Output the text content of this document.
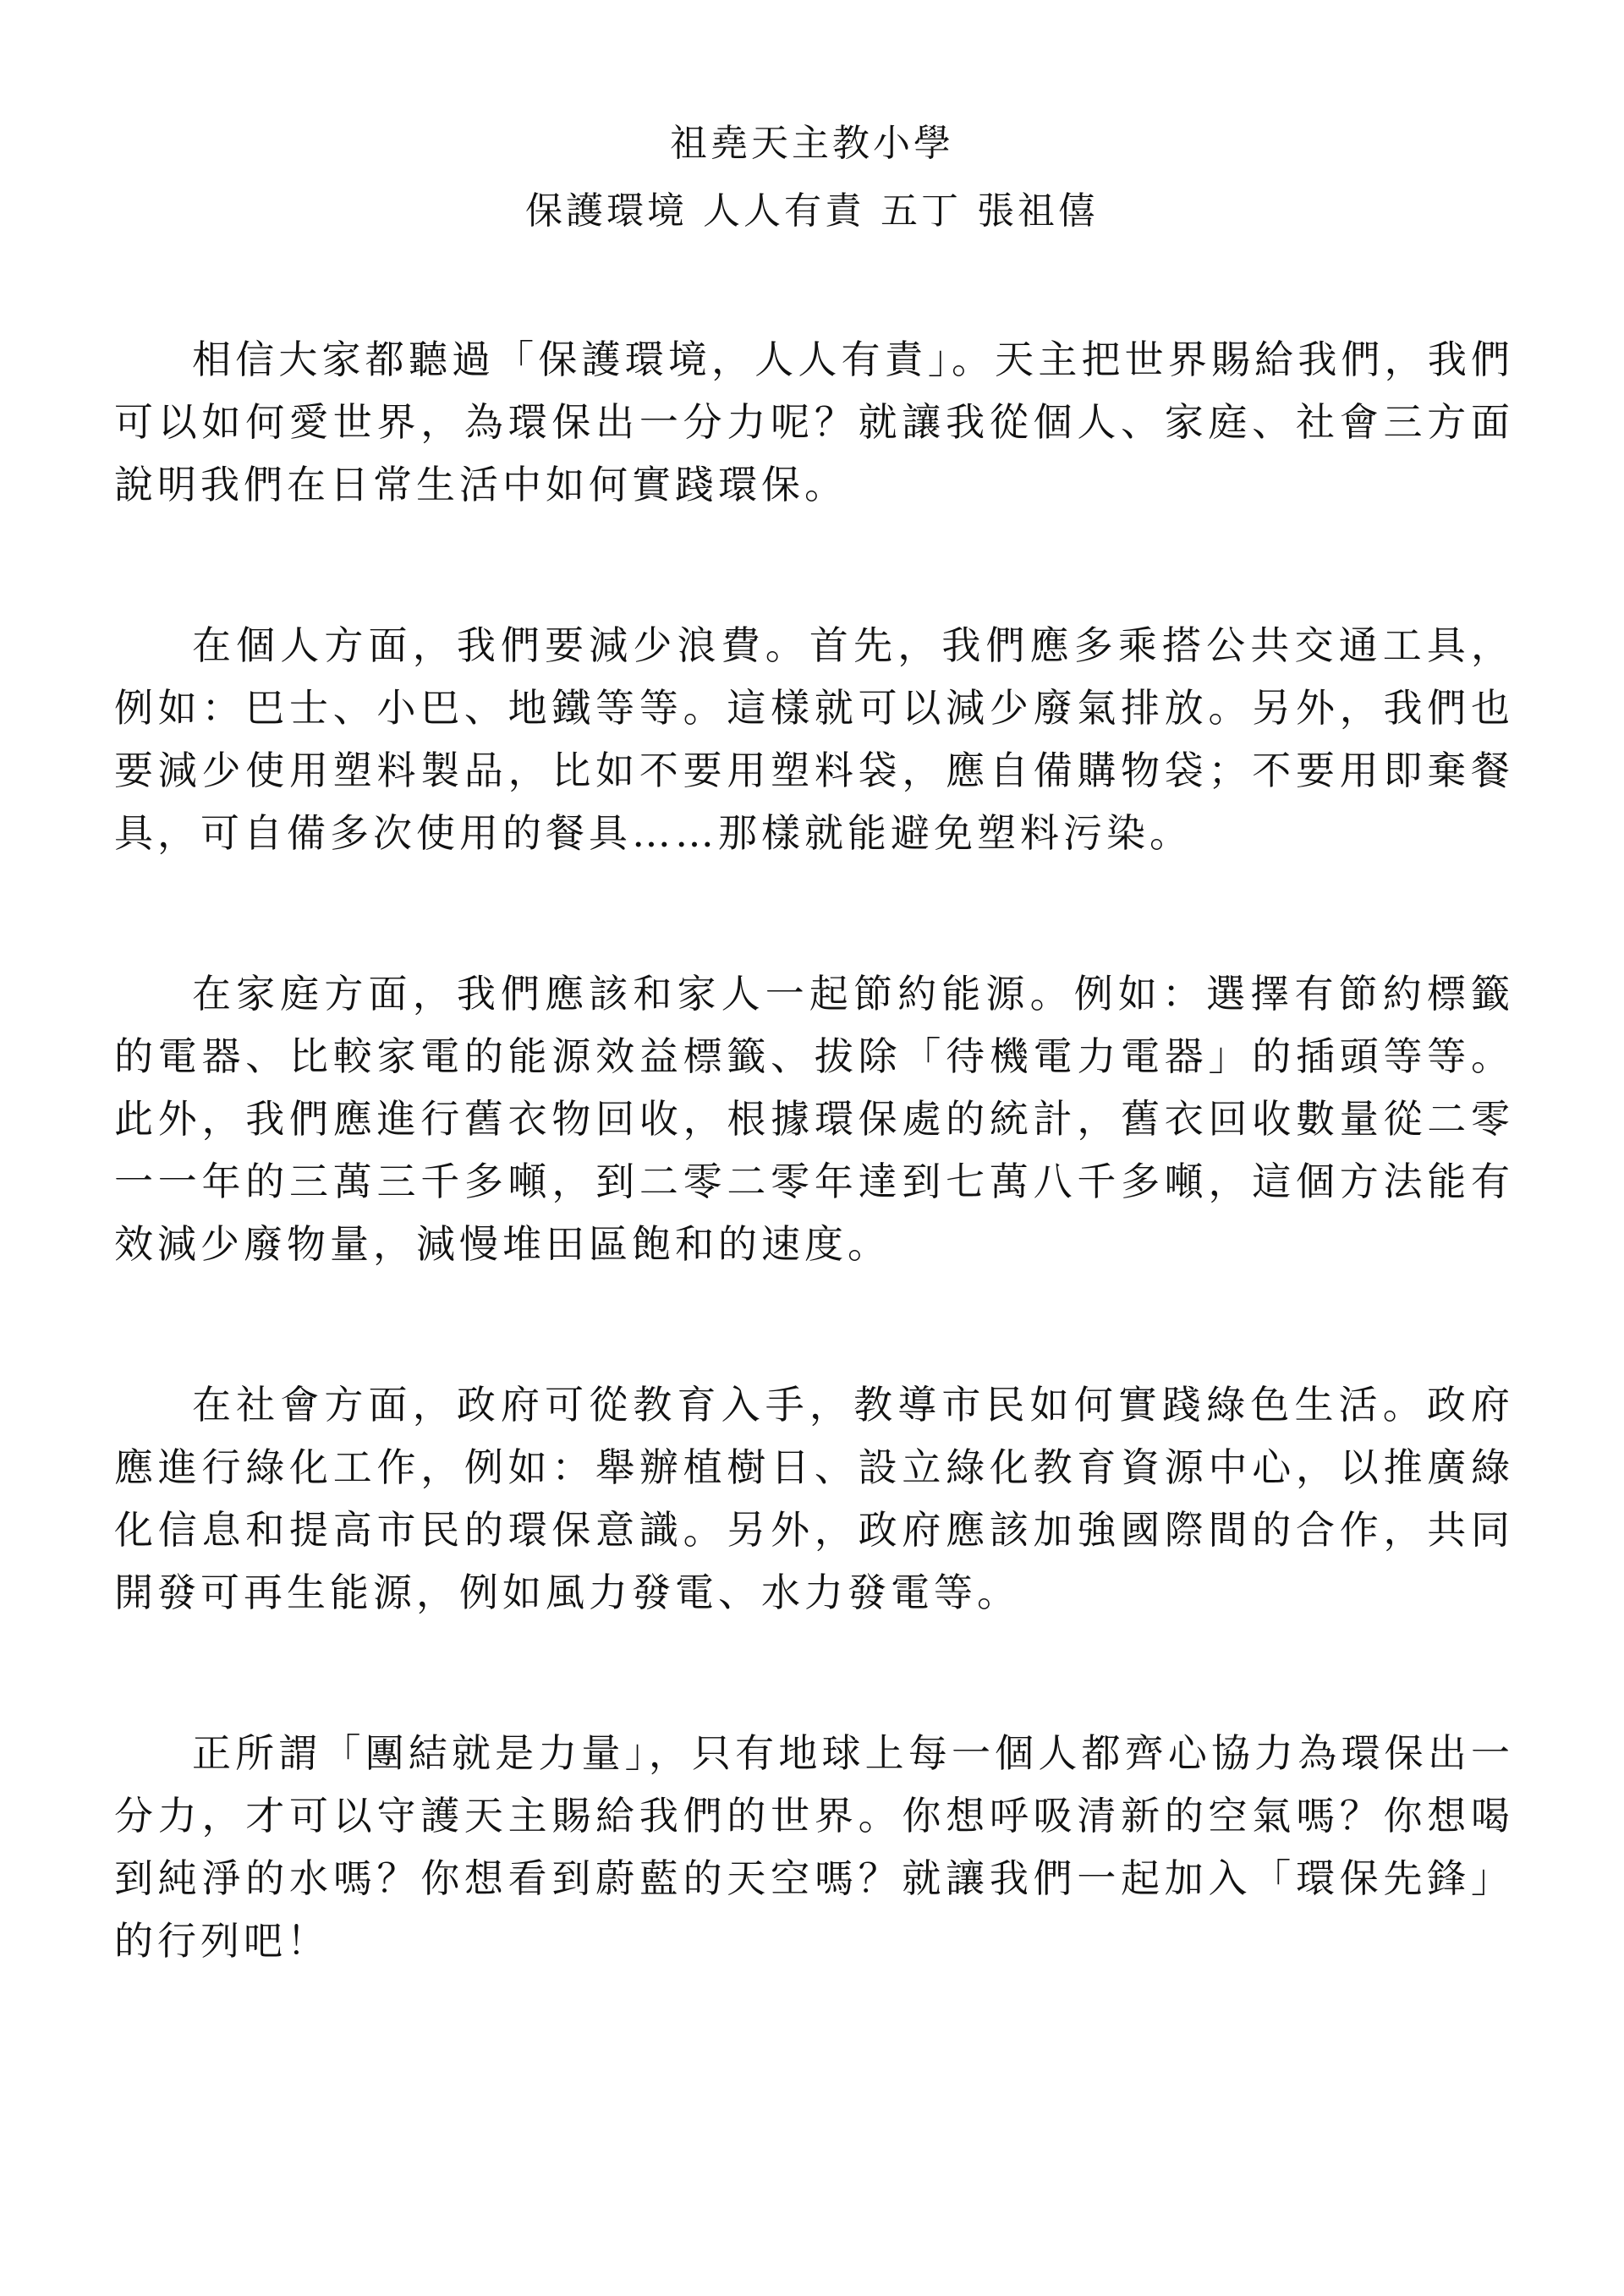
祖堯天主教小學
保護環境 人人有責 五丁 張祖僖

相信大家都聽過「保護環境，人人有責」。天主把世界賜給我們，我們可以如何愛世界，為環保出一分力呢？就讓我從個人、家庭、社會三方面說明我們在日常生活中如何實踐環保。

在個人方面，我們要減少浪費。首先，我們應多乘搭公共交通工具，例如：巴士、小巴、地鐵等等。這樣就可以減少廢氣排放。另外，我們也要減少使用塑料製品，比如不要用塑料袋，應自備購物袋；不要用即棄餐具，可自備多次使用的餐具……那樣就能避免塑料污染。

在家庭方面，我們應該和家人一起節約能源。例如：選擇有節約標籤的電器、比較家電的能源效益標籤、拔除「待機電力電器」的插頭等等。此外，我們應進行舊衣物回收，根據環保處的統計，舊衣回收數量從二零一一年的三萬三千多噸，到二零二零年達到七萬八千多噸，這個方法能有效減少廢物量，減慢堆田區飽和的速度。

在社會方面，政府可從教育入手，教導市民如何實踐綠色生活。政府應進行綠化工作，例如：舉辦植樹日、設立綠化教育資源中心，以推廣綠化信息和提高市民的環保意識。另外，政府應該加強國際間的合作，共同開發可再生能源，例如風力發電、水力發電等。

正所謂「團結就是力量」，只有地球上每一個人都齊心協力為環保出一分力，才可以守護天主賜給我們的世界。你想呼吸清新的空氣嗎？你想喝到純淨的水嗎？你想看到蔚藍的天空嗎？就讓我們一起加入「環保先鋒」的行列吧！
